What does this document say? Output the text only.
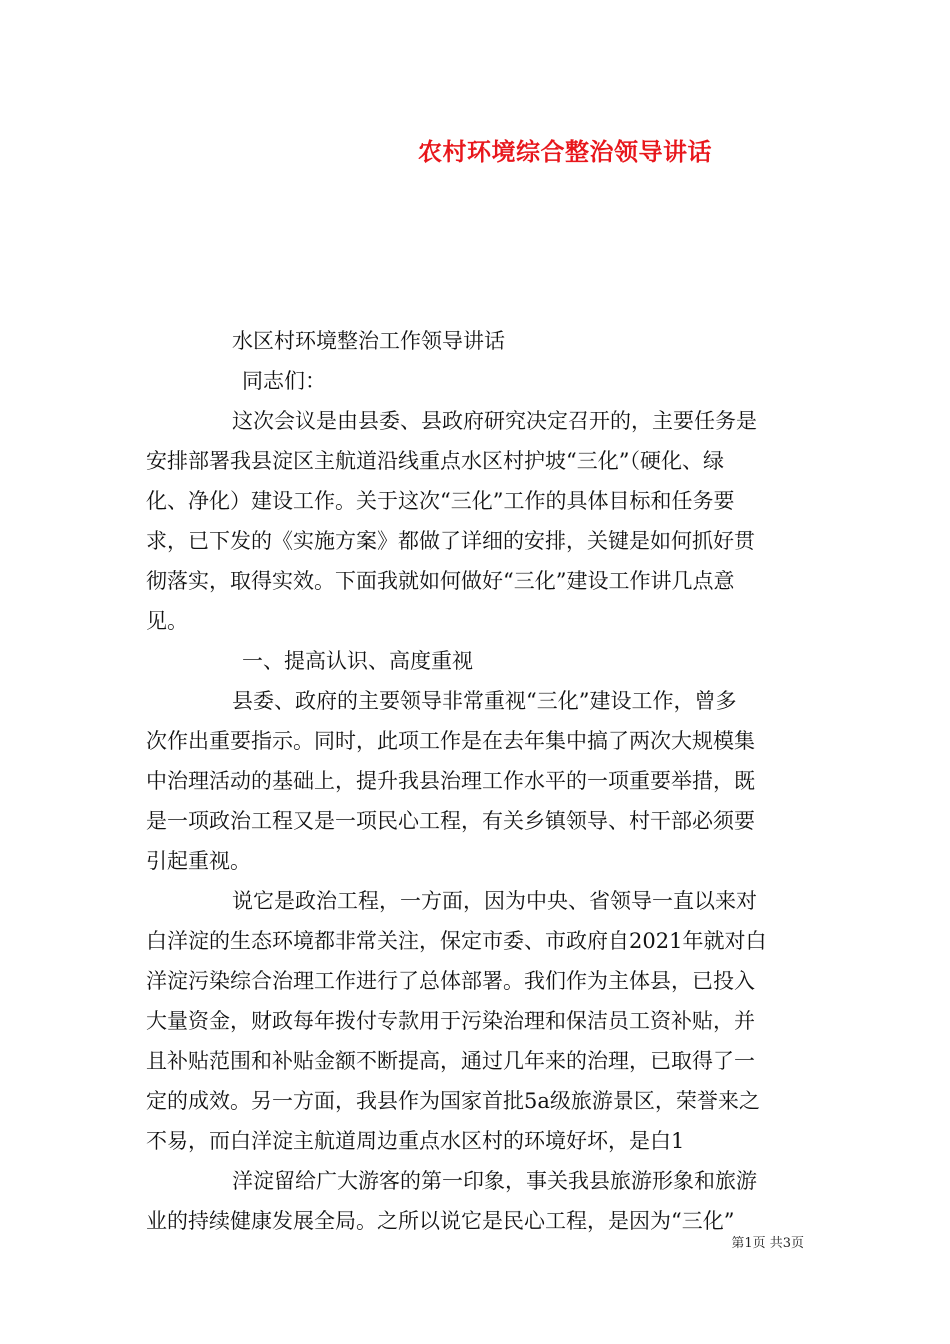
农村环境综合整治领导讲话
水区村环境整治工作领导讲话
同志们：
这次会议是由县委、县政府研究决定召开的，主要任务是
安排部署我县淀区主航道沿线重点水区村护坡“三化”（硬化、绿
化、净化）建设工作。关于这次“三化”工作的具体目标和任务要
求，已下发的《实施方案》都做了详细的安排，关键是如何抓好贯
彻落实，取得实效。下面我就如何做好“三化”建设工作讲几点意
见。
一、提高认识、高度重视
县委、政府的主要领导非常重视“三化”建设工作，曾多
次作出重要指示。同时，此项工作是在去年集中搞了两次大规模集
中治理活动的基础上，提升我县治理工作水平的一项重要举措，既
是一项政治工程又是一项民心工程，有关乡镇领导、村干部必须要
引起重视。
说它是政治工程，一方面，因为中央、省领导一直以来对
白洋淀的生态环境都非常关注，保定市委、市政府自2021年就对白
洋淀污染综合治理工作进行了总体部署。我们作为主体县，已投入
大量资金，财政每年拨付专款用于污染治理和保洁员工资补贴，并
且补贴范围和补贴金额不断提高，通过几年来的治理，已取得了一
定的成效。另一方面，我县作为国家首批5a级旅游景区，荣誉来之
不易，而白洋淀主航道周边重点水区村的环境好坏，是白1
洋淀留给广大游客的第一印象，事关我县旅游形象和旅游
业的持续健康发展全局。之所以说它是民心工程，是因为“三化”
第1页 共3页
